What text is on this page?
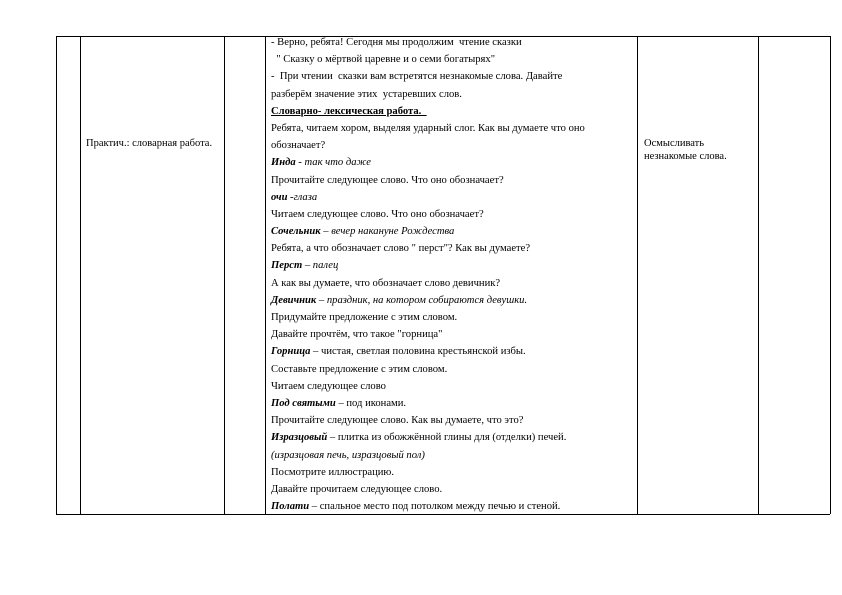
Практич.: словарная работа.
- Верно, ребята! Сегодня мы продолжим  чтение сказки
" Сказку о мёртвой царевне и о семи богатырях"
-  При чтении  сказки вам встретятся незнакомые слова. Давайте
разберём значение этих  устаревших слов.
Словарно- лексическая работа.
Ребята, читаем хором, выделяя ударный слог. Как вы думаете что оно
обозначает?
Инда - так что даже
Прочитайте следующее слово. Что оно обозначает?
очи -глаза
Читаем следующее слово. Что оно обозначает?
Сочельник – вечер накануне Рождества
Ребята, а что обозначает слово " перст"? Как вы думаете?
Перст – палец
А как вы думаете, что обозначает слово девичник?
Девичник – праздник, на котором собираются девушки.
Придумайте предложение с этим словом.
Давайте прочтём, что такое "горница"
Горница – чистая, светлая половина крестьянской избы.
Составьте предложение с этим словом.
Читаем следующее слово
Под святыми – под иконами.
Прочитайте следующее слово. Как вы думаете, что это?
Изразцовый – плитка из обожжённой глины для (отделки) печей.
(изразцовая печь, изразцовый пол)
Посмотрите иллюстрацию.
Давайте прочитаем следующее слово.
Полати – спальное место под потолком между печью и стеной.
Осмысливать незнакомые слова.
